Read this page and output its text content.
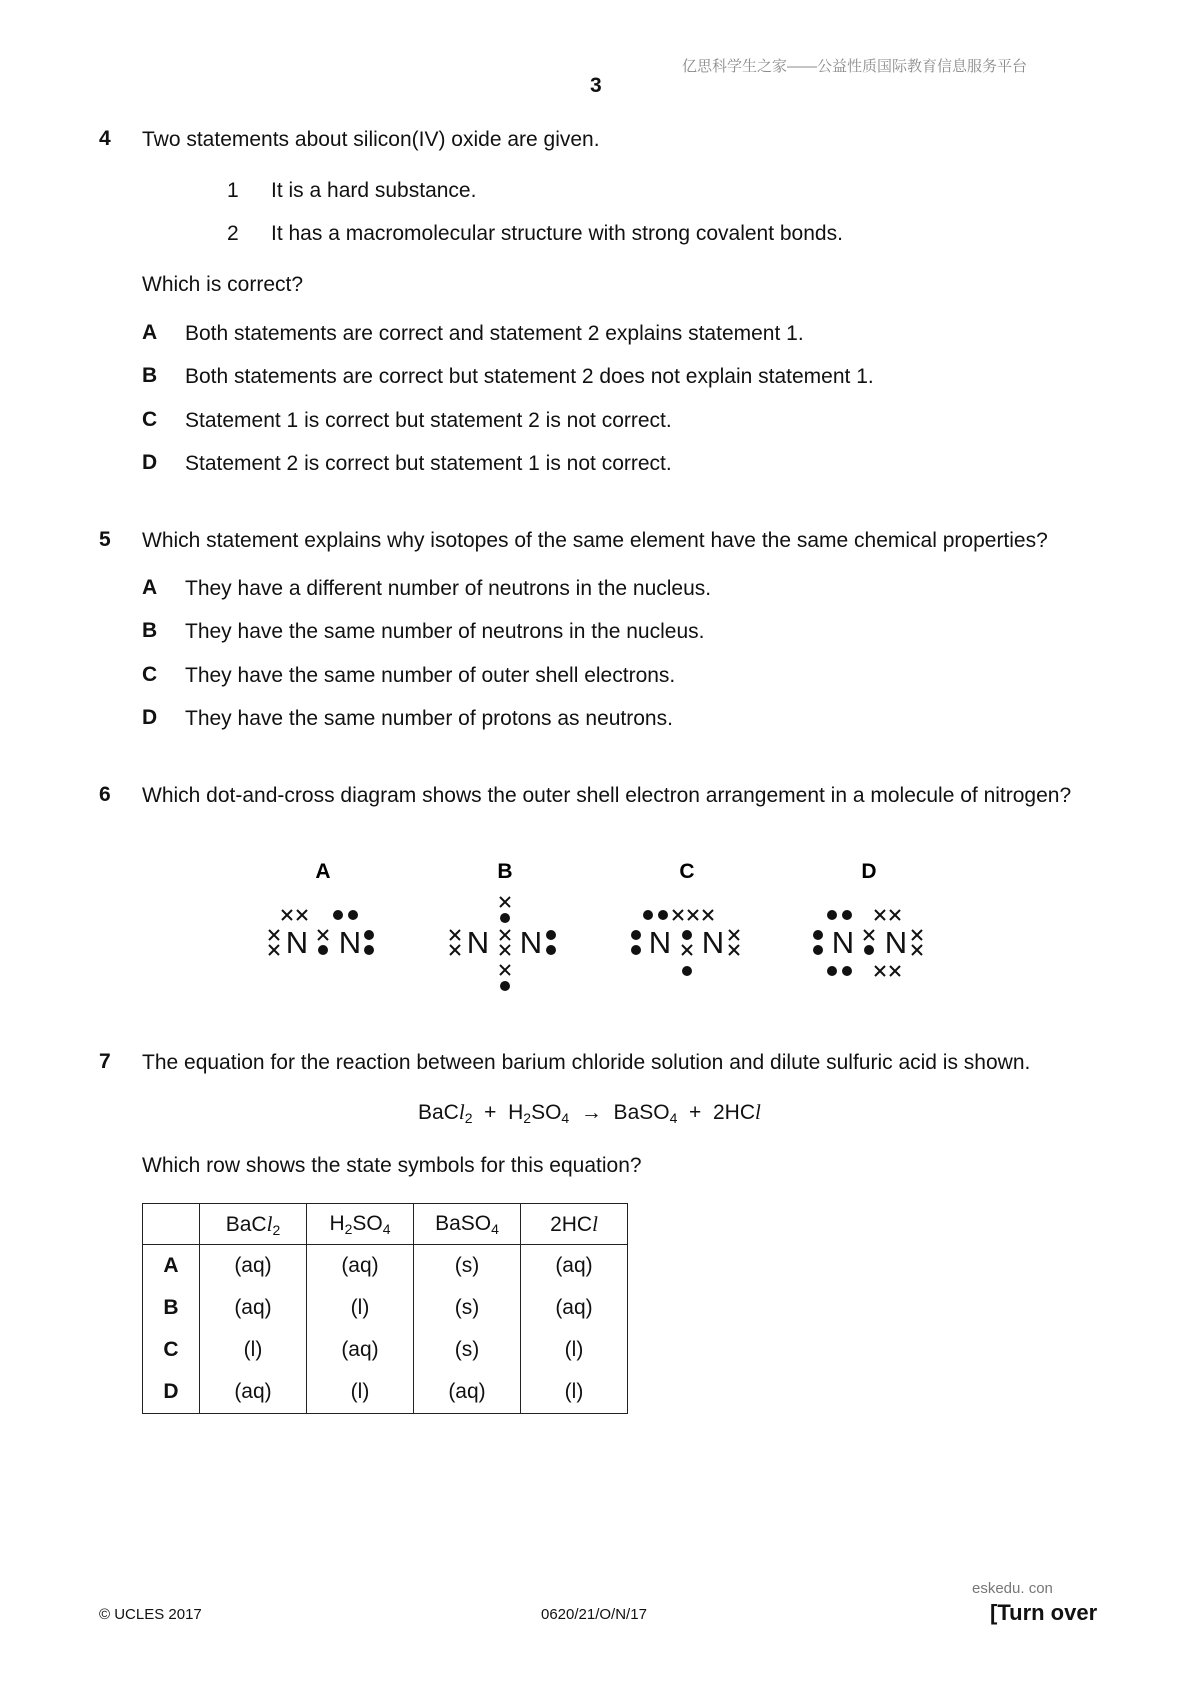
亿思科学生之家——公益性质国际教育信息服务平台
3
4 Two statements about silicon(IV) oxide are given.
1 It is a hard substance.
2 It has a macromolecular structure with strong covalent bonds.
Which is correct?
A Both statements are correct and statement 2 explains statement 1.
B Both statements are correct but statement 2 does not explain statement 1.
C Statement 1 is correct but statement 2 is not correct.
D Statement 2 is correct but statement 1 is not correct.
5 Which statement explains why isotopes of the same element have the same chemical properties?
A They have a different number of neutrons in the nucleus.
B They have the same number of neutrons in the nucleus.
C They have the same number of outer shell electrons.
D They have the same number of protons as neutrons.
6 Which dot-and-cross diagram shows the outer shell electron arrangement in a molecule of nitrogen?
A	B	C	D
N N	N N	N N	N N
7 The equation for the reaction between barium chloride solution and dilute sulfuric acid is shown.
BaCl$_2$  +  $H_2SO_4$  →  BaSO$_4$  +  2HCl
Which row shows the state symbols for this equation?
	BaCl$_2$	$H_2SO_4$	BaSO$_4$	2HCl
A	(aq)	(aq)	(s)	(aq)
B	(aq)	(l)	(s)	(aq)
C	(l)	(aq)	(s)	(l)
D	(aq)	(l)	(aq)	(l)
eskedu. con
© UCLES 2017	0620/21/O/N/17	[Turn over
